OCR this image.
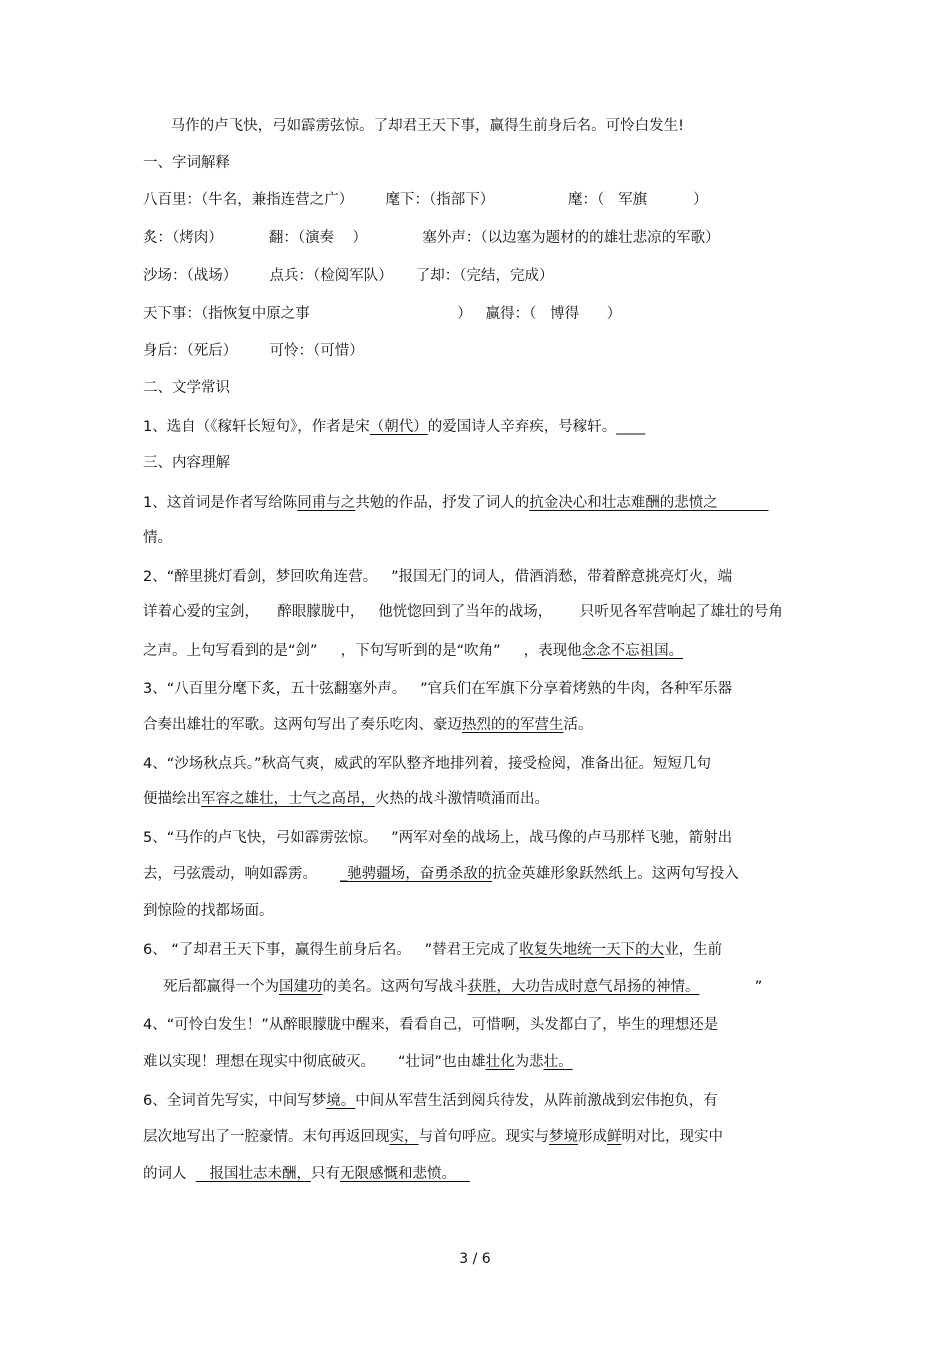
马作的卢飞快，弓如霹雳弦惊。了却君王天下事，赢得生前身后名。可怜白发生!
一、字词解释
八百里：（牛名，兼指连营之广）       麾下：（指部下）                麾：（   军旗          ）
炙：（烤肉）          翻：（演奏    ）            塞外声：（以边塞为题材的的雄壮悲凉的军歌）
沙场：（战场）       点兵：（检阅军队）     了却：（完结，完成）
天下事：（指恢复中原之事                                ）   赢得：（   博得      ）
身后：（死后）       可怜：（可惜）
二、文学常识
1、选自（《稼轩长短句》，作者是宋（朝代）的爱国诗人辛弃疾，号稼轩。____
三、内容理解
1、这首词是作者写给陈同甫与之共勉的作品，抒发了词人的抗金决心和壮志难酬的悲愤之
情。
2、“醉里挑灯看剑，梦回吹角连营。   ”报国无门的词人，借酒消愁，带着醉意挑亮灯火，端
详着心爱的宝剑，    醉眼朦胧中，   他恍惚回到了当年的战场，      只听见各军营响起了雄壮的号角
之声。上句写看到的是“剑”     ，下句写听到的是“吹角”     ，表现他念念不忘祖国。
3、“八百里分麾下炙，五十弦翻塞外声。   ”官兵们在军旗下分享着烤熟的牛肉，各种军乐器
合奏出雄壮的军歌。这两句写出了奏乐吃肉、豪迈热烈的的军营生活。
4、“沙场秋点兵。”秋高气爽，威武的军队整齐地排列着，接受检阅，准备出征。短短几句
便描绘出军容之雄壮，士气之高昂，火热的战斗激情喷涌而出。
5、“马作的卢飞快，弓如霹雳弦惊。   ”两军对垒的战场上，战马像的卢马那样飞驰，箭射出
去，弓弦震动，响如霹雳。     _驰骋疆场，奋勇杀敌的抗金英雄形象跃然纸上。这两句写投入
到惊险的找都场面。
6、 “了却君王天下事，赢得生前身后名。   ”替君王完成了收复失地统一天下的大业，生前
死后都赢得一个为国建功的美名。这两句写战斗获胜，大功告成时意气昂扬的神情。            ”
4、“可怜白发生！”从醉眼朦胧中醒来，看看自己，可惜啊，头发都白了，毕生的理想还是
难以实现！理想在现实中彻底破灭。     “壮词”也由雄壮化为悲壮。
6、全词首先写实，中间写梦境。中间从军营生活到阅兵待发，从阵前激战到宏伟抱负，有
层次地写出了一腔豪情。末句再返回现实，与首句呼应。现实与梦境形成鲜明对比，现实中
的词人     报国壮志未酬，只有无限感慨和悲愤。
3 / 6
